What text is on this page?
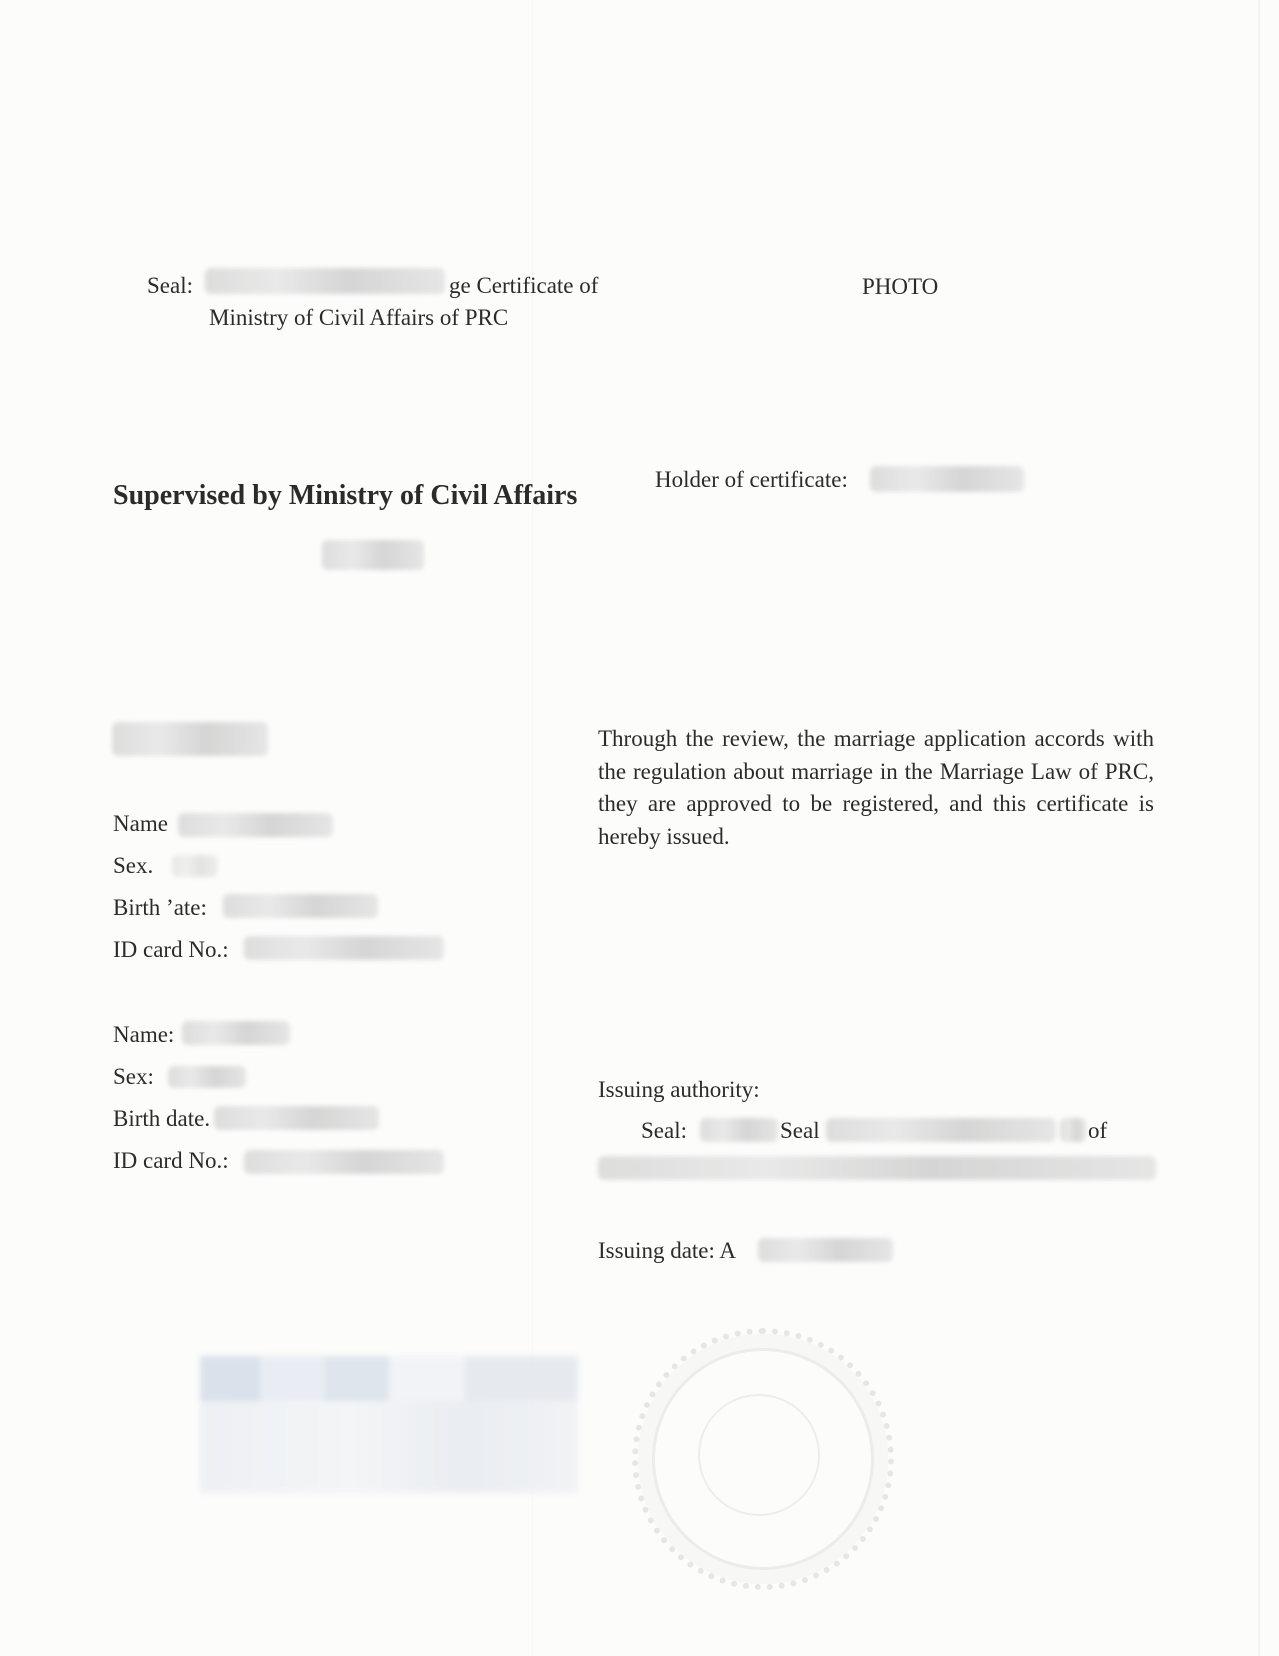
Seal:	ge Certificate of
Ministry of Civil Affairs of PRC
PHOTO
Supervised by Ministry of Civil Affairs
Holder of certificate:
Name
Sex.
Birth ’ate:
ID card No.:
Name:
Sex:
Birth date.
ID card No.:
Through the review, the marriage application accords with the regulation about marriage in the Marriage Law of PRC, they are approved to be registered, and this certificate is hereby issued.
Issuing authority:
Seal:	Seal	of
Issuing date: A
